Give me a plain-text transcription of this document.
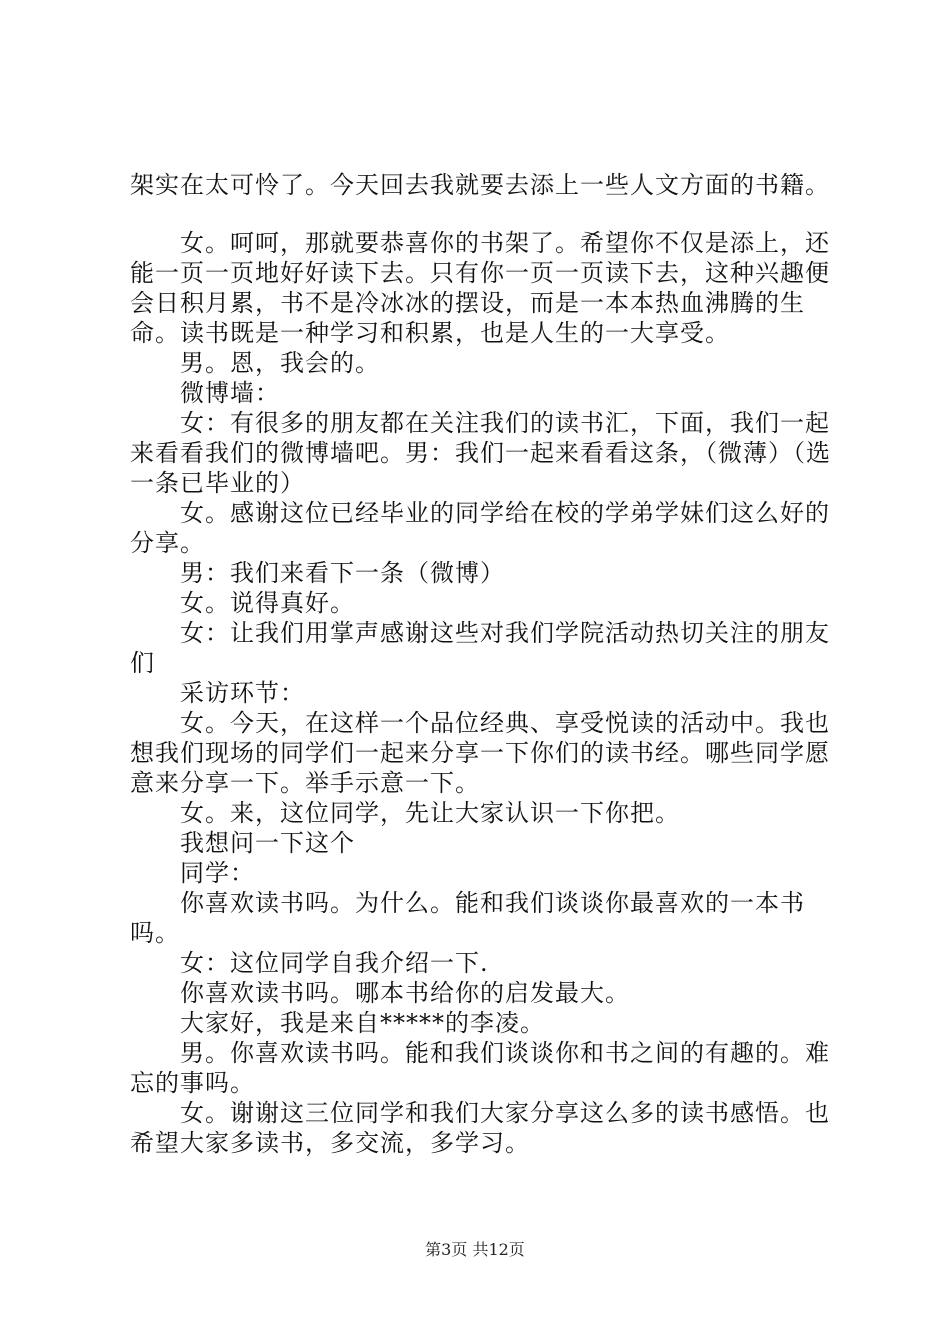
架实在太可怜了。今天回去我就要去添上一些人文方面的书籍。

女。呵呵，那就要恭喜你的书架了。希望你不仅是添上，还能一页一页地好好读下去。只有你一页一页读下去，这种兴趣便会日积月累，书不是冷冰冰的摆设，而是一本本热血沸腾的生命。读书既是一种学习和积累，也是人生的一大享受。

男。恩，我会的。

微博墙：

女：有很多的朋友都在关注我们的读书汇，下面，我们一起来看看我们的微博墙吧。男：我们一起来看看这条，（微薄）（选一条已毕业的）

女。感谢这位已经毕业的同学给在校的学弟学妹们这么好的分享。

男：我们来看下一条（微博）

女。说得真好。

女：让我们用掌声感谢这些对我们学院活动热切关注的朋友们

采访环节：

女。今天，在这样一个品位经典、享受悦读的活动中。我也想我们现场的同学们一起来分享一下你们的读书经。哪些同学愿意来分享一下。举手示意一下。

女。来，这位同学，先让大家认识一下你把。

我想问一下这个

同学：

你喜欢读书吗。为什么。能和我们谈谈你最喜欢的一本书吗。

女：这位同学自我介绍一下.

你喜欢读书吗。哪本书给你的启发最大。

大家好，我是来自*****的李凌。

男。你喜欢读书吗。能和我们谈谈你和书之间的有趣的。难忘的事吗。

女。谢谢这三位同学和我们大家分享这么多的读书感悟。也希望大家多读书，多交流，多学习。

第3页 共12页
